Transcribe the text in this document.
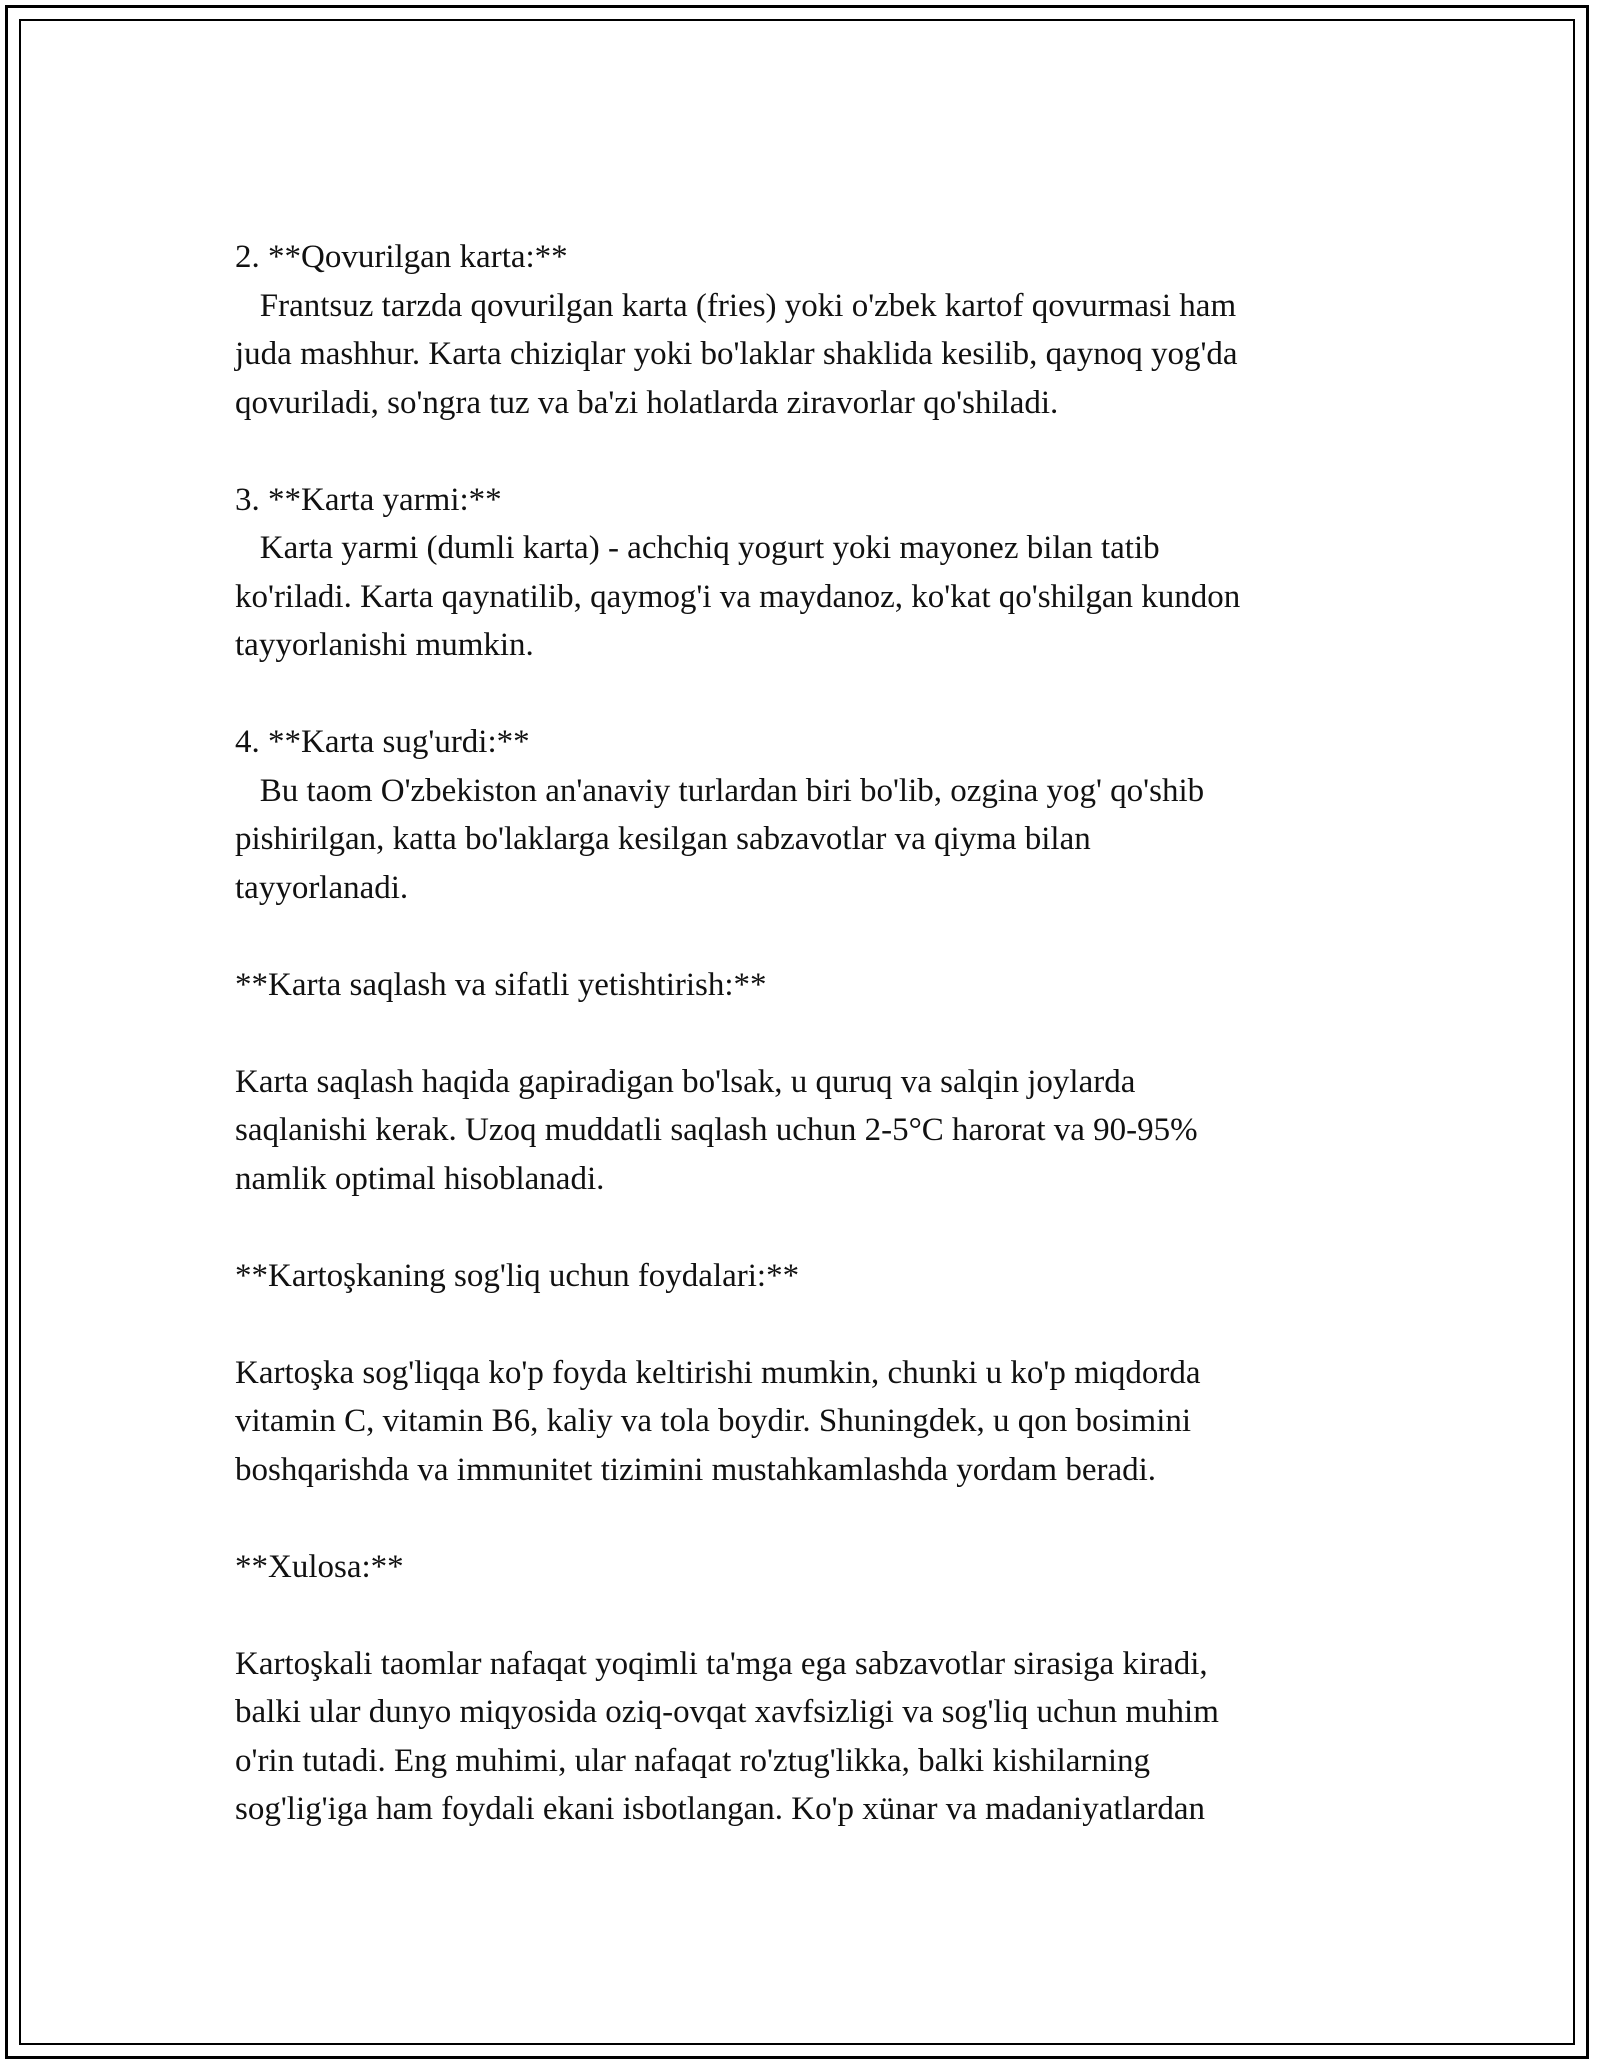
2. **Qovurilgan karta:**

Frantsuz tarzda qovurilgan karta (fries) yoki o'zbek kartof qovurmasi ham

juda mashhur. Karta chiziqlar yoki bo'laklar shaklida kesilib, qaynoq yog'da

qovuriladi, so'ngra tuz va ba'zi holatlarda ziravorlar qo'shiladi.

3. **Karta yarmi:**

Karta yarmi (dumli karta) - achchiq yogurt yoki mayonez bilan tatib

ko'riladi. Karta qaynatilib, qaymog'i va maydanoz, ko'kat qo'shilgan kundon

tayyorlanishi mumkin.

4. **Karta sug'urdi:**

Bu taom O'zbekiston an'anaviy turlardan biri bo'lib, ozgina yog' qo'shib

pishirilgan, katta bo'laklarga kesilgan sabzavotlar va qiyma bilan

tayyorlanadi.

**Karta saqlash va sifatli yetishtirish:**

Karta saqlash haqida gapiradigan bo'lsak, u quruq va salqin joylarda

saqlanishi kerak. Uzoq muddatli saqlash uchun 2-5°C harorat va 90-95%

namlik optimal hisoblanadi.

**Kartoşkaning sog'liq uchun foydalari:**

Kartoşka sog'liqqa ko'p foyda keltirishi mumkin, chunki u ko'p miqdorda

vitamin C, vitamin B6, kaliy va tola boydir. Shuningdek, u qon bosimini

boshqarishda va immunitet tizimini mustahkamlashda yordam beradi.

**Xulosa:**

Kartoşkali taomlar nafaqat yoqimli ta'mga ega sabzavotlar sirasiga kiradi,

balki ular dunyo miqyosida oziq-ovqat xavfsizligi va sog'liq uchun muhim

o'rin tutadi. Eng muhimi, ular nafaqat ro'ztug'likka, balki kishilarning

sog'lig'iga ham foydali ekani isbotlangan. Ko'p xünar va madaniyatlardan
